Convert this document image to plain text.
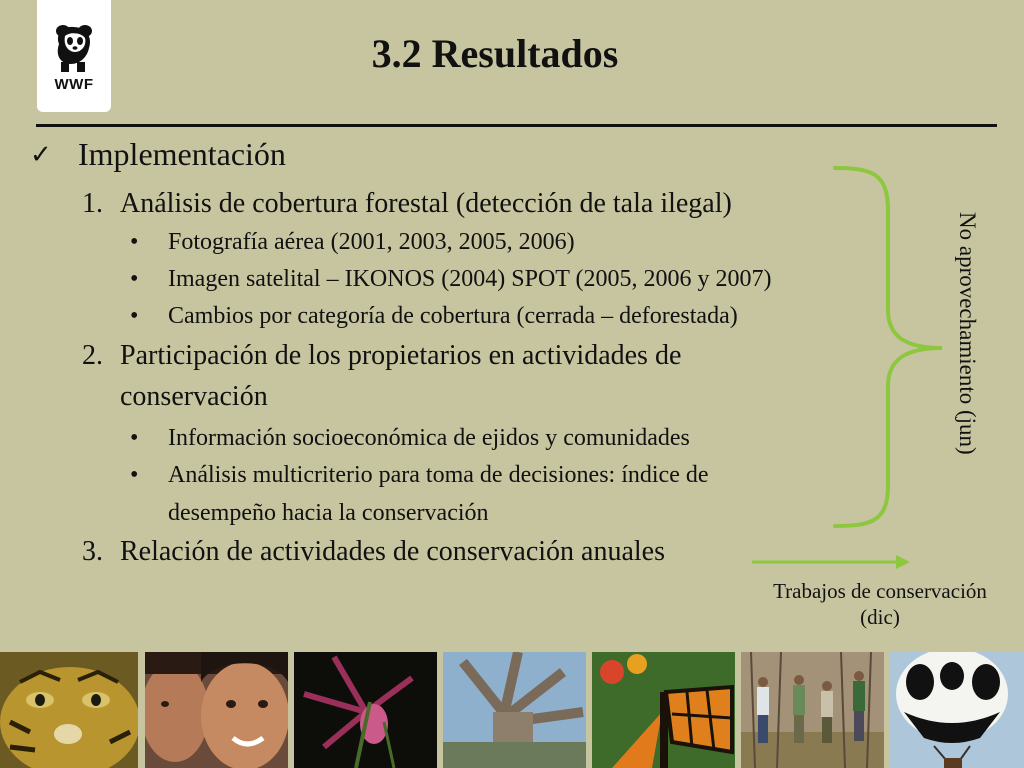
WWF
3.2 Resultados
✓ Implementación
1. Análisis de cobertura forestal (detección de tala ilegal)
• Fotografía aérea (2001, 2003, 2005, 2006)
• Imagen satelital – IKONOS (2004) SPOT (2005, 2006 y 2007)
• Cambios por categoría de cobertura (cerrada – deforestada)
2. Participación de los propietarios en actividades de
conservación
• Información socioeconómica de ejidos y comunidades
• Análisis multicriterio para toma de decisiones: índice de
desempeño hacia la conservación
3. Relación de actividades de conservación anuales
No aprovechamiento (jun)
Trabajos de conservación
(dic)
